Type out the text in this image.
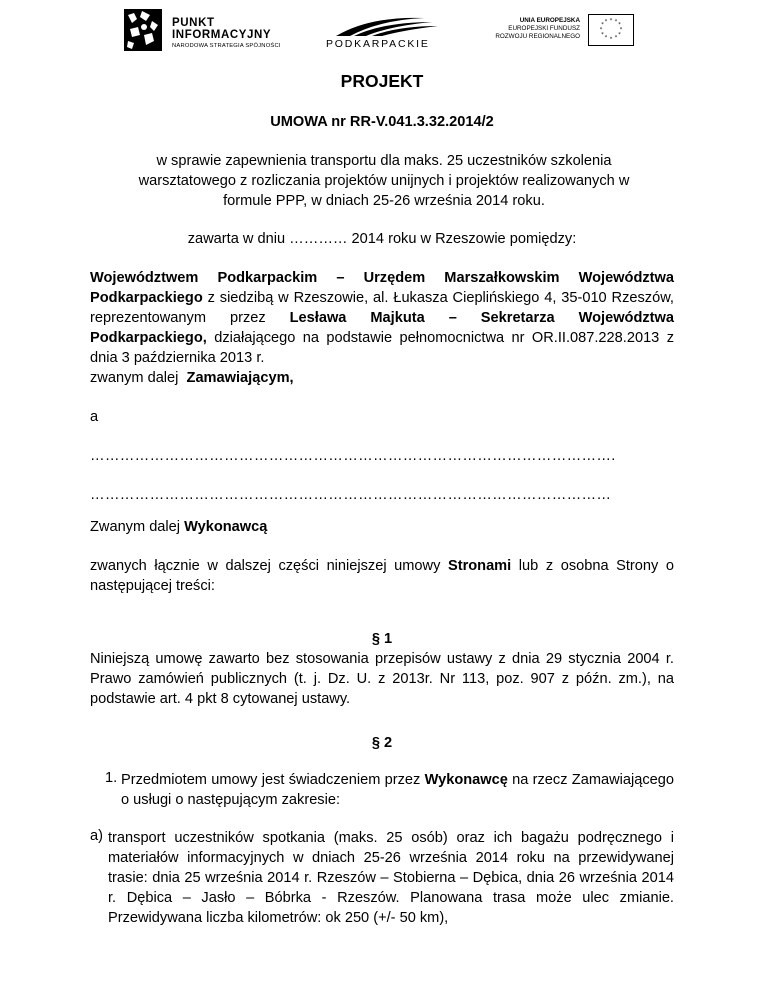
PUNKT
INFORMACYJNY
NARODOWA STRATEGIA SPÓJNOŚCI	PODKARPACKIE
UNIA EUROPEJSKA
EUROPEJSKI FUNDUSZ
ROZWOJU REGIONALNEGO
* * *
*
*
*
*
*
*
*
* *
PROJEKT
UMOWA nr RR-V.041.3.32.2014/2
w sprawie zapewnienia transportu dla maks. 25 uczestników szkolenia warsztatowego z rozliczania projektów unijnych i projektów realizowanych w formule PPP, w dniach 25-26 września 2014 roku.
zawarta w dniu ………… 2014 roku w Rzeszowie pomiędzy:
Województwem Podkarpackim – Urzędem Marszałkowskim Województwa Podkarpackiego z siedzibą w Rzeszowie, al. Łukasza Cieplińskiego 4, 35-010 Rzeszów, reprezentowanym przez Lesława Majkuta – Sekretarza Województwa Podkarpackiego, działającego na podstawie pełnomocnictwa nr OR.II.087.228.2013 z dnia 3 października 2013 r.
zwanym dalej  Zamawiającym,
a
…………………………………………………………………………………………….
……………………………………………………………………………………………
Zwanym dalej Wykonawcą
zwanych łącznie w dalszej części niniejszej umowy Stronami lub z osobna Strony o następującej treści:
§ 1
Niniejszą umowę zawarto bez stosowania przepisów ustawy z dnia 29 stycznia 2004 r. Prawo zamówień publicznych (t. j. Dz. U. z 2013r. Nr 113, poz. 907 z późn. zm.), na podstawie art. 4 pkt 8 cytowanej ustawy.
§ 2
1. Przedmiotem umowy jest świadczeniem przez Wykonawcę na rzecz Zamawiającego o usługi o następującym zakresie:
a) transport uczestników spotkania (maks. 25 osób) oraz ich bagażu podręcznego i materiałów informacyjnych w dniach 25-26 września 2014 roku na przewidywanej trasie: dnia 25 września 2014 r. Rzeszów – Stobierna – Dębica, dnia 26 września 2014 r. Dębica – Jasło – Bóbrka - Rzeszów. Planowana trasa może ulec zmianie. Przewidywana liczba kilometrów: ok 250 (+/- 50 km),
